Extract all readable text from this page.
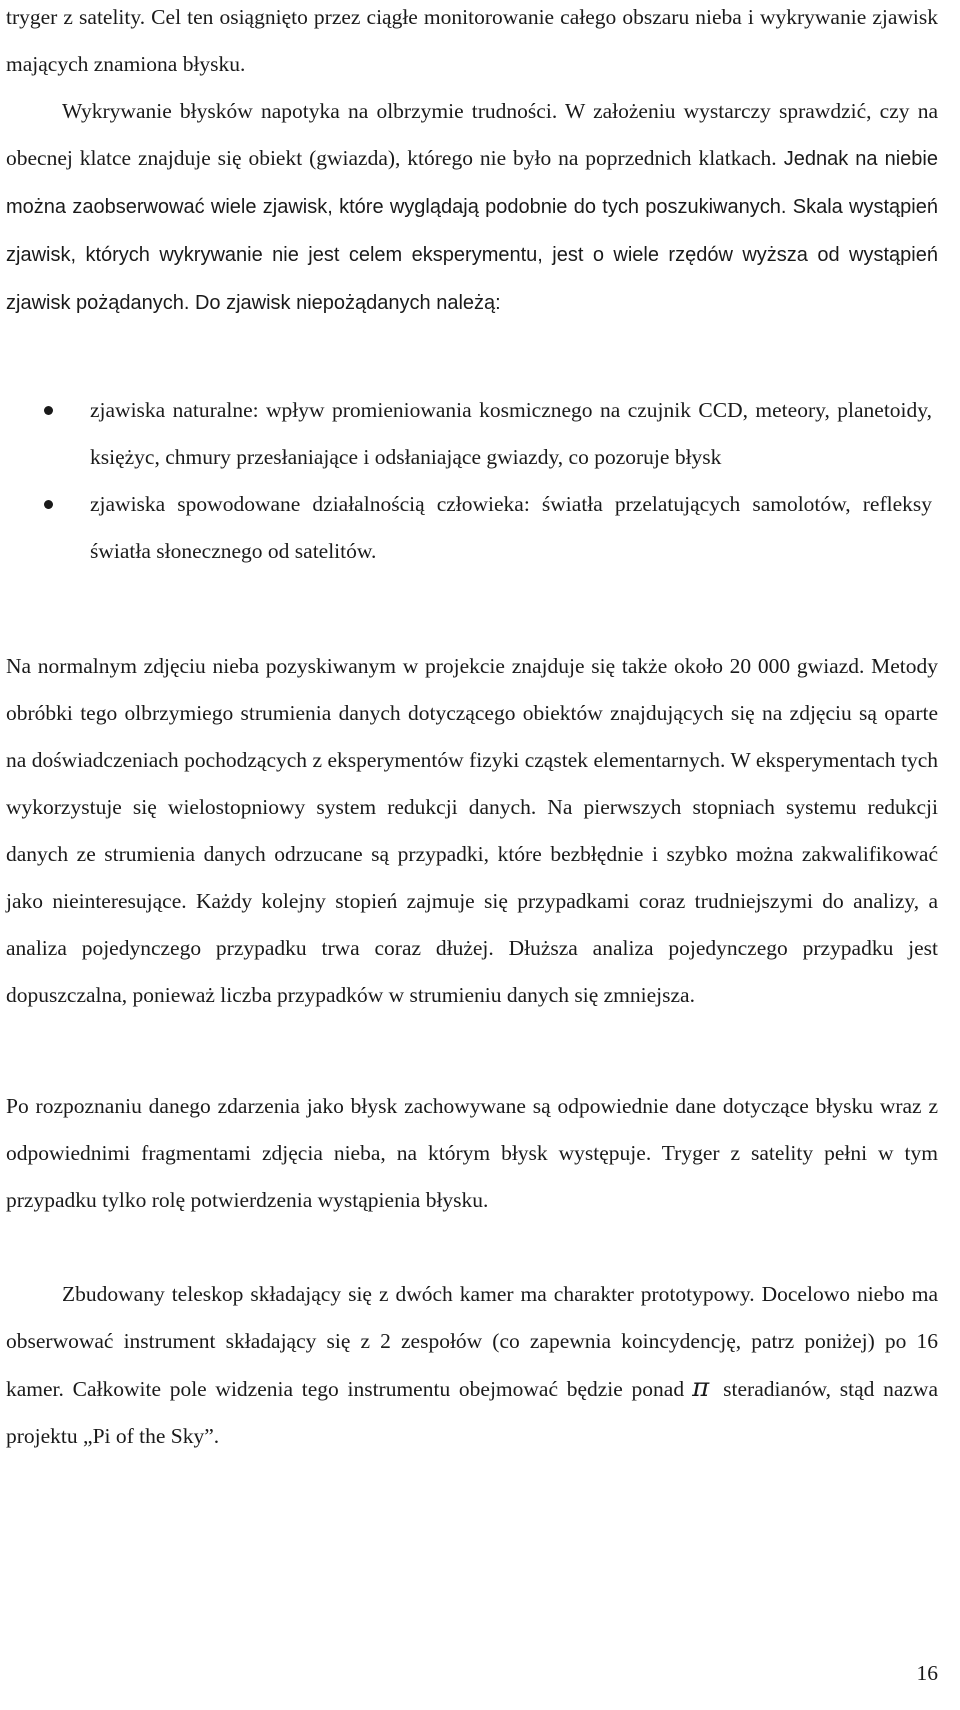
tryger z satelity. Cel ten osiągnięto przez ciągłe monitorowanie całego obszaru nieba i wykrywanie zjawisk mających znamiona błysku.

Wykrywanie błysków napotyka na olbrzymie trudności. W założeniu wystarczy sprawdzić, czy na obecnej klatce znajduje się obiekt (gwiazda), którego nie było na poprzednich klatkach. Jednak na niebie można zaobserwować wiele zjawisk, które wyglądają podobnie do tych poszukiwanych. Skala wystąpień zjawisk, których wykrywanie nie jest celem eksperymentu, jest o wiele rzędów wyższa od wystąpień zjawisk pożądanych. Do zjawisk niepożądanych należą:

zjawiska naturalne: wpływ promieniowania kosmicznego na czujnik CCD, meteory, planetoidy, księżyc, chmury przesłaniające i odsłaniające gwiazdy, co pozoruje błysk
zjawiska spowodowane działalnością człowieka: światła przelatujących samolotów, refleksy światła słonecznego od satelitów.

Na normalnym zdjęciu nieba pozyskiwanym w projekcie znajduje się także około 20 000 gwiazd. Metody obróbki tego olbrzymiego strumienia danych dotyczącego obiektów znajdujących się na zdjęciu są oparte na doświadczeniach pochodzących z eksperymentów fizyki cząstek elementarnych. W eksperymentach tych wykorzystuje się wielostopniowy system redukcji danych. Na pierwszych stopniach systemu redukcji danych ze strumienia danych odrzucane są przypadki, które bezbłędnie i szybko można zakwalifikować jako nieinteresujące. Każdy kolejny stopień zajmuje się przypadkami coraz trudniejszymi do analizy, a analiza pojedynczego przypadku trwa coraz dłużej. Dłuższa analiza pojedynczego przypadku jest dopuszczalna, ponieważ liczba przypadków w strumieniu danych się zmniejsza.

Po rozpoznaniu danego zdarzenia jako błysk zachowywane są odpowiednie dane dotyczące błysku wraz z odpowiednimi fragmentami zdjęcia nieba, na którym błysk występuje. Tryger z satelity pełni w tym przypadku tylko rolę potwierdzenia wystąpienia błysku.

Zbudowany teleskop składający się z dwóch kamer ma charakter prototypowy. Docelowo niebo ma obserwować instrument składający się z 2 zespołów (co zapewnia koincydencję, patrz poniżej) po 16 kamer. Całkowite pole widzenia tego instrumentu obejmować będzie ponad π steradianów, stąd nazwa projektu „Pi of the Sky”.

16
